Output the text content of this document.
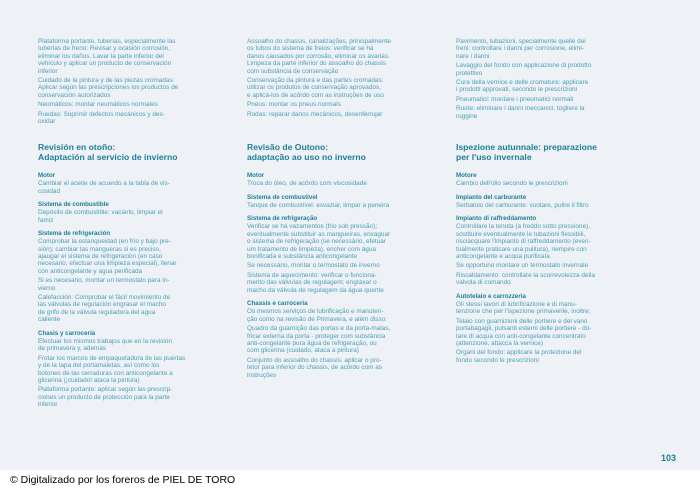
Plataforma portante, tuberías, especialmente las
tuberías de freno: Revisar y ocasión corrosión,
eliminar los daños. Lavar la parte inferior del
vehículo y aplicar un producto de conservación
inferior

Cuidado de la pintura y de las piezas cromadas:
Aplicar según las prescripciones los productos de
conservación autorizados

Neumáticos: montar neumáticos normales

Ruedas: Suprimir defectos mecánicos y des-
oxidar

Revisión en otoño:
Adaptación al servicio de invierno

Motor

Cambiar el aceite de acuerdo a la tabla de vis-
cosidad

Sistema de combustible

Depósito de combustible: vaciarlo, limpiar el
famiz

Sistema de refrigeración

Comprobar la estanqueidad (en frío y bajo pre-
sión); cambiar las mangueras si es preciso,
ajaugar el sistema de refrigeración (en caso
necesario, efectuar una limpieza especial), llenar
con anticongelante y agua perificada

Si es necesario, montar un termostato para in-
vierno

Calefacción: Comprobar el fácil movimiento de
las válvulas de regulación engrasar el macho
de grifo de la válvula reguladora del agua
caliente

Chasis y carrocería

Efectuar los mismos trabajos que en la revisión
de primavera y, además

Frotar los marcos de empaquetadura de las puertas
y de la tapa del portamaletas, así como los
botones de las cerraduras con anticongelante a
glicerina (¡cuidado! ataca la pintura)

Plataforma portante: aplicar según las prescrip-
ciones un producto de protección para la parte
inferior

Assoalho do chassis, canalizações, principalmente
os tubos do sistema de freios: verificar se há
danos causados por corrosão, eliminar os avarias.
Limpeza da parte inferior do assoalho do chassis
com substância de conservação

Conservação da pintura e das partes cromadas:
utilizar os produtos de conservação aprovados,
e aplicá-los de acôrdo com as instruções de uso

Pneus: montar os pneus normais

Rodas: reparar danos mecânicos, desenferrujar

Revisão de Outono:
adaptação ao uso no inverno

Motor

Troca do óleo, de acôrdo com viscosidade

Sistema de combustível

Tanque de combustível: esvaziar, limpar a peneira

Sistema de refrigeração

Verificar se há vazamentos (frio sob pressão);
eventualmente substituir as mangueiras, enxaguar
o sistema de refrigeração (se necessário, efetuar
um tratamento de limpeza), encher com água
bonificada e substância anticongelante

Se necessário, montar o termostato de inverno

Sistema de aquecimento: verificar o funciona-
mento das válvulas de regulagem; engraxar o
macho da válvula de regulagem da água quente

Chassis e carroceria

Os mesmos serviços de lubrificação e manuten-
ção como na revisão de Primavera, e além disso:

Quadro da guarnição das portas e da porta-malas,
fricar externa da porta - proteger com substância
anti-congelante pura água de refrigeração, ou
com glicerina (cuidado, ataca a pintura)

Conjunto do assoalho do chassis: aplicar o pro-
tetor para inferior do chassis, de acôrdo com as
instruções

Pavimento, tubazioni, specialmente quelle dei
freni: controllare i danni per corrosione, elimi-
nare i danni

Lavaggio del fondo con applicazione di prodotto
protettivo

Cura della vernice e delle cromature: applicare
i prodotti approvati, secondo le prescrizioni

Pneumatici: montare i pneumatici normali

Ruote: eliminare i danni meccanici, togliere la
ruggine

Ispezione autunnale: preparazione
per l'uso invernale

Motore

Cambio dell'olio secondo le prescrizioni

Impianto del carburante

Serbatoio del carburante: vuotare, pulire il filtro

Impianto di raffreddamento

Controllare la tenuta (a freddo sotto pressione),
sostituire eventualmente le tubazioni flessibili,
risciacquare l'impianto di raffreddamento (even-
tualmente praticare una pulitura), riempire con
anticongelante e acqua purificata

Se opportuno montare un termostato invernale

Riscaldamento: controllare la scorrevolezza della
valvola di comando

Autotelaio e carrozzeria

Gli stessi lavori di lubrificazione e di manu-
tenzione che per l'ispezione primaverile, inoltre:

Telaio con guarnizioni delle portiere e del vano
portabagagli, pulsanti esterni delle portiere - do-
tare di acqua con anti-congelante concentrato
(attenzione, attacca la vernice)

Organi del fondo: applicare la protezione del
fondo secondo le prescrizioni

103
© Digitalizado por los foreros de PIEL DE TORO
